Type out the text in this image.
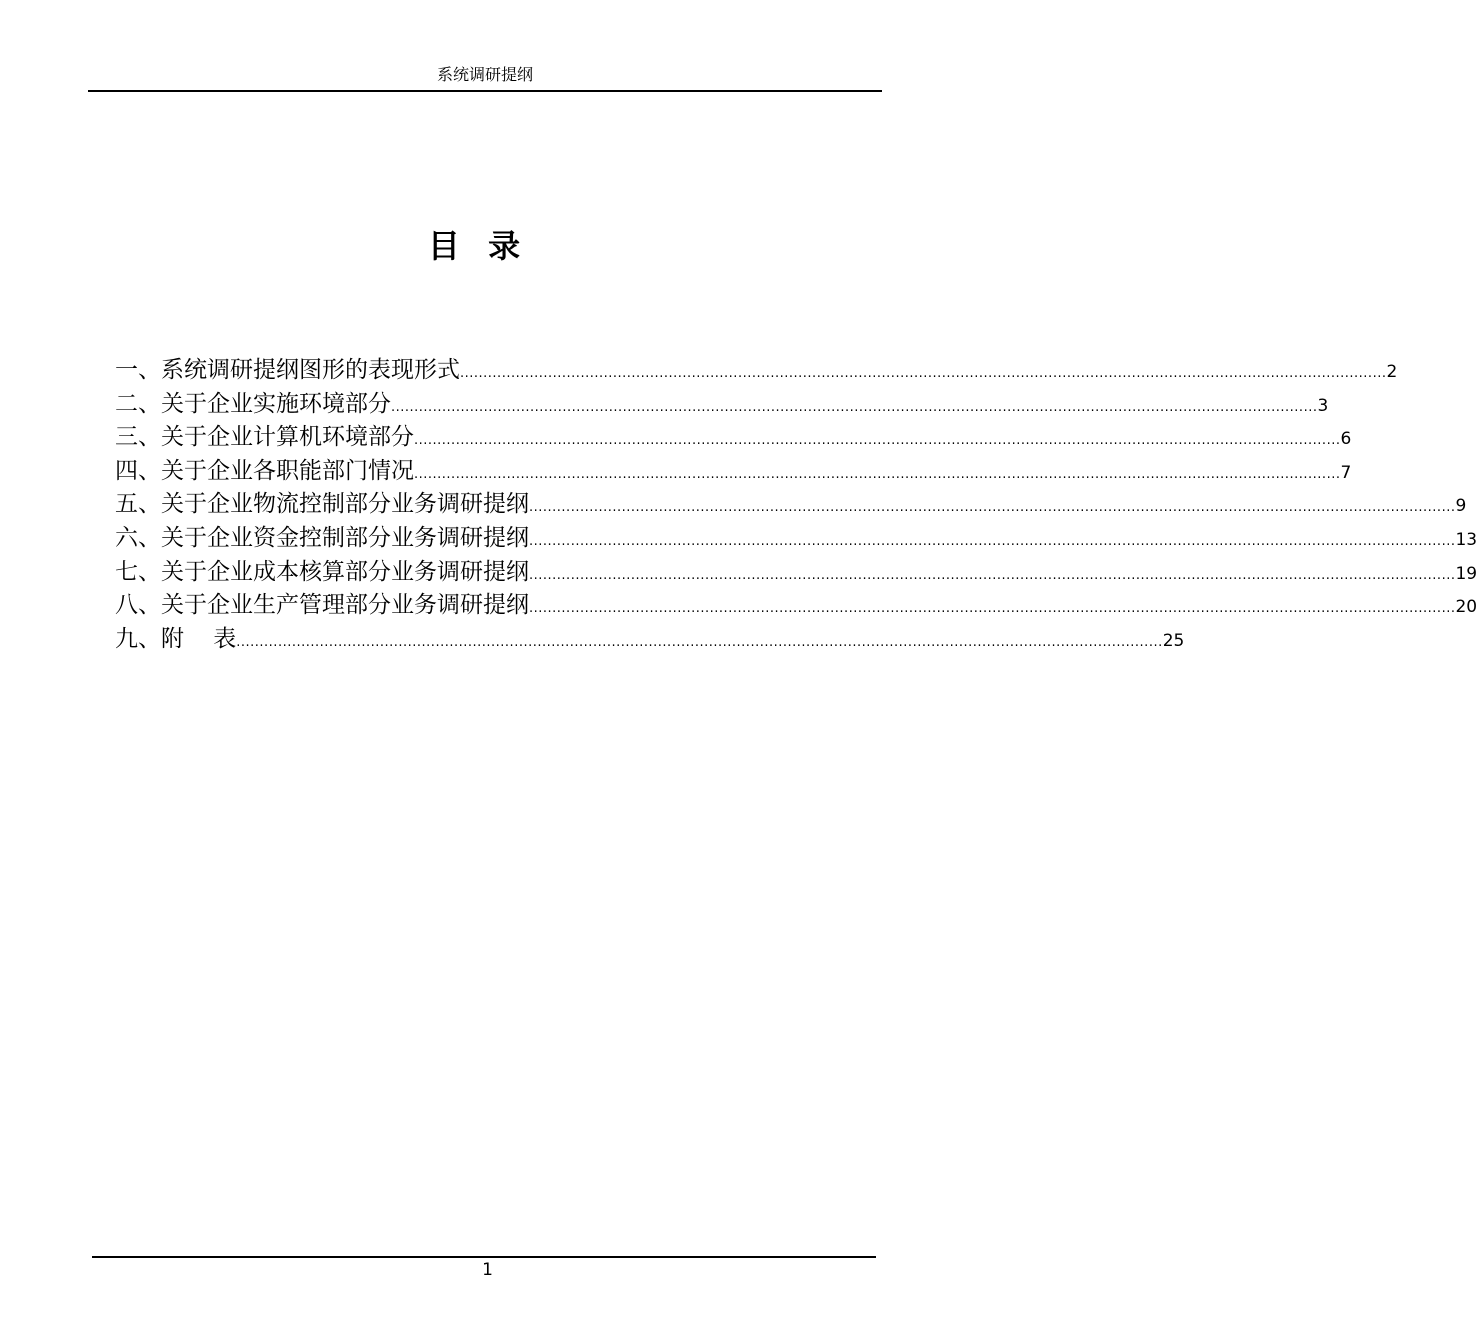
系统调研提纲
目  录
一、系统调研提纲图形的表现形式 ........................................................................................................................................................................................................ 2
二、关于企业实施环境部分 ........................................................................................................................................................................................................ 3
三、关于企业计算机环境部分 ........................................................................................................................................................................................................ 6
四、关于企业各职能部门情况 ........................................................................................................................................................................................................ 7
五、关于企业物流控制部分业务调研提纲 ........................................................................................................................................................................................................ 9
六、关于企业资金控制部分业务调研提纲 ........................................................................................................................................................................................................ 13
七、关于企业成本核算部分业务调研提纲 ........................................................................................................................................................................................................ 19
八、关于企业生产管理部分业务调研提纲 ........................................................................................................................................................................................................ 20
九、附    表 ........................................................................................................................................................................................................ 25
1
